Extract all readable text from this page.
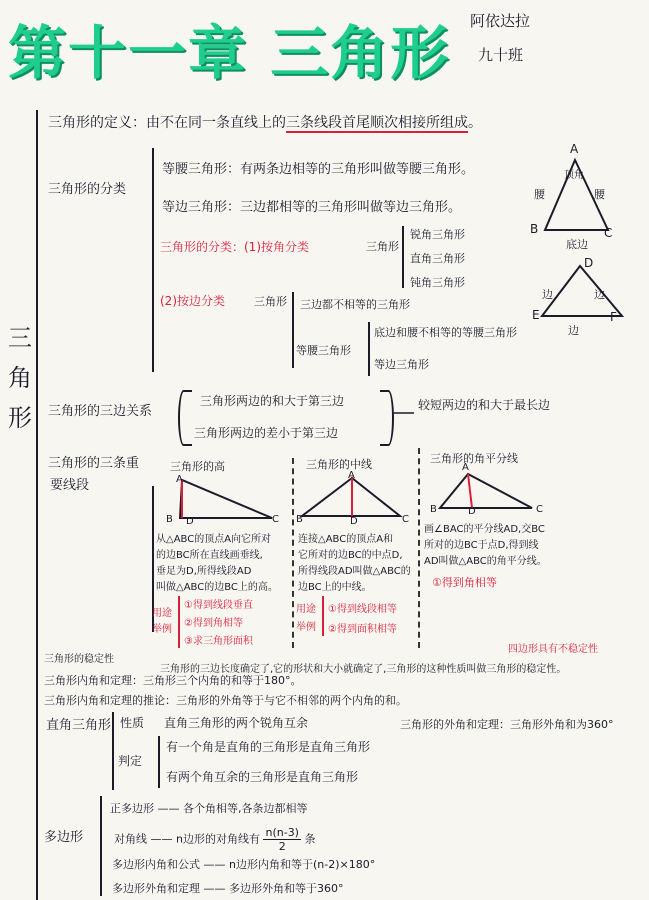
第十一章 三角形 阿依达拉
九十班
三
角
形
三角形的定义：由不在同一条直线上的三条线段首尾顺次相接所组成。
三角形的分类
等腰三角形：有两条边相等的三角形叫做等腰三角形。
等边三角形：三边都相等的三角形叫做等边三角形。
三角形的分类：(1)按角分类	三角形
锐角三角形
直角三角形
钝角三角形
(2)按边分类	三角形 三边都不相等的三角形
等腰三角形
底边和腰不相等的等腰三角形
等边三角形
A
B	C
顶角
腰	腰
底边
D
E	F
边	边
边
三角形的三边关系
三角形两边的和大于第三边
三角形两边的差小于第三边
较短两边的和大于最长边
三角形的三条重
要线段
三角形的高	三角形的中线	三角形的角平分线
A
B D	C
A
B	D	C
A
B	D	C
从△ABC的顶点A向它所对
的边BC所在直线画垂线,
垂足为D,所得线段AD
叫做△ABC的边BC上的高。
连接△ABC的顶点A和
它所对的边BC的中点D,
所得线段AD叫做△ABC的
边BC上的中线。
画∠BAC的平分线AD,交BC
所对的边BC于点D,得到线
AD叫做△ABC的角平分线。
用途
举例
①得到线段垂直
②得到角相等
③求三角形面积
用途
举例
①得到线段相等
②得到面积相等
①得到角相等
三角形的稳定性
三角形的三边长度确定了,它的形状和大小就确定了,三角形的这种性质叫做三角形的稳定性。
四边形具有不稳定性
三角形内角和定理：三角形三个内角的和等于180°。
三角形内角和定理的推论：三角形的外角等于与它不相邻的两个内角的和。
直角三角形 性质 直角三角形的两个锐角互余
判定
有一个角是直角的三角形是直角三角形
有两个角互余的三角形是直角三角形
三角形的外角和定理：三角形外角和为360°
多边形
正多边形 —— 各个角相等,各条边都相等
对角线 —— n边形的对角线有 $\frac{n(n-3)}{2}$ 条
多边形内角和公式 —— n边形内角和等于(n-2)×180°
多边形外角和定理 —— 多边形外角和等于360°
